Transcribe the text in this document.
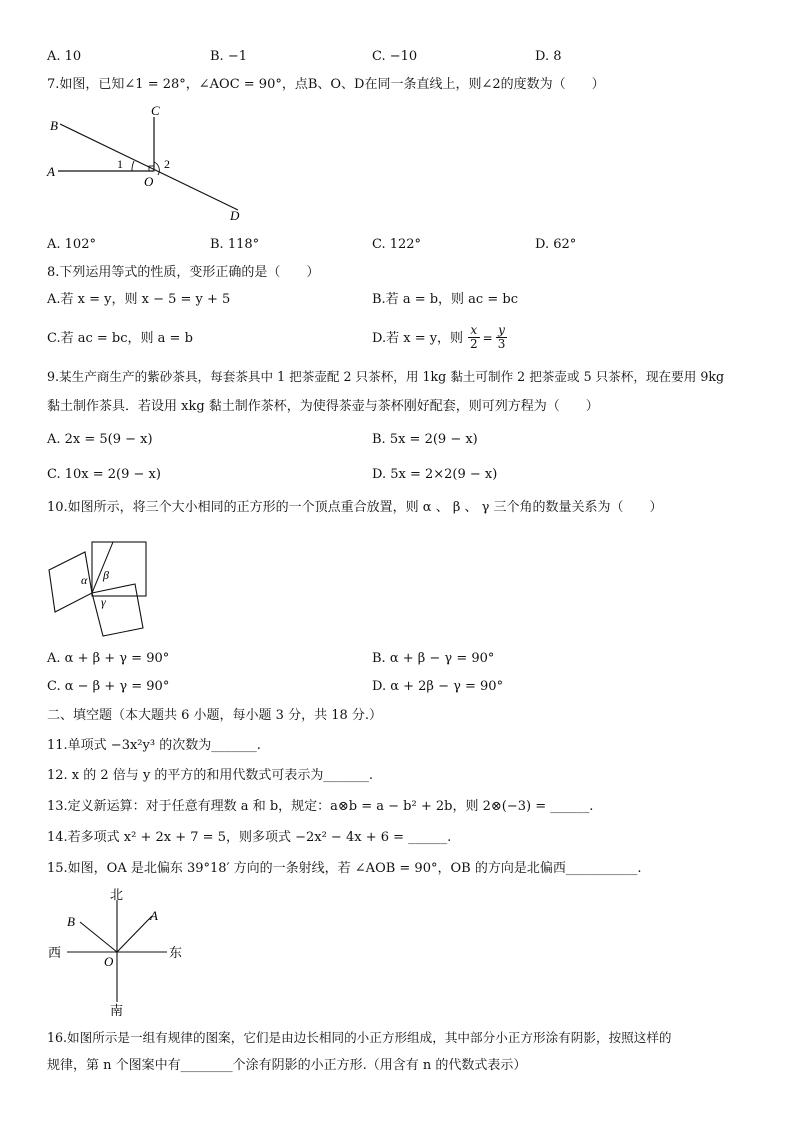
A. 10	B. −1	C. −10	D. 8
7.如图，已知∠1 = 28°，∠AOC = 90°，点B、O、D在同一条直线上，则∠2的度数为（　　）
B
C
A
O
D
1	2
A. 102°	B. 118°	C. 122°	D. 62°
8.下列运用等式的性质，变形正确的是（　　）
A.若 x = y，则 x − 5 = y + 5	B.若 a = b，则 ac = bc
C.若 ac = bc，则 a = b	D.若 x = y，则 $\frac{x}{2} = \frac{y}{3}$
9.某生产商生产的紫砂茶具，每套茶具中 1 把茶壶配 2 只茶杯，用 1kg 黏土可制作 2 把茶壶或 5 只茶杯，现在要用 9kg
黏土制作茶具．若设用 xkg 黏土制作茶杯，为使得茶壶与茶杯刚好配套，则可列方程为（　　）
A. 2x = 5(9 − x)	B. 5x = 2(9 − x)
C. 10x = 2(9 − x)	D. 5x = 2×2(9 − x)
10.如图所示，将三个大小相同的正方形的一个顶点重合放置，则 α 、 β 、 γ 三个角的数量关系为（　　）
α β
γ
A. α + β + γ = 90°	B. α + β − γ = 90°
C. α − β + γ = 90°	D. α + 2β − γ = 90°
二、填空题（本大题共 6 小题，每小题 3 分，共 18 分.）
11.单项式 −3x²y³ 的次数为_______.
12. x 的 2 倍与 y 的平方的和用代数式可表示为_______.
13.定义新运算：对于任意有理数 a 和 b，规定：a⊗b = a − b² + 2b，则 2⊗(−3) = ______.
14.若多项式 x² + 2x + 7 = 5，则多项式 −2x² − 4x + 6 = ______.
15.如图，OA 是北偏东 39°18′ 方向的一条射线，若 ∠AOB = 90°，OB 的方向是北偏西___________.
北
南
东
西
A
B
O
16.如图所示是一组有规律的图案，它们是由边长相同的小正方形组成，其中部分小正方形涂有阴影，按照这样的
规律，第 n 个图案中有________个涂有阴影的小正方形.（用含有 n 的代数式表示）
